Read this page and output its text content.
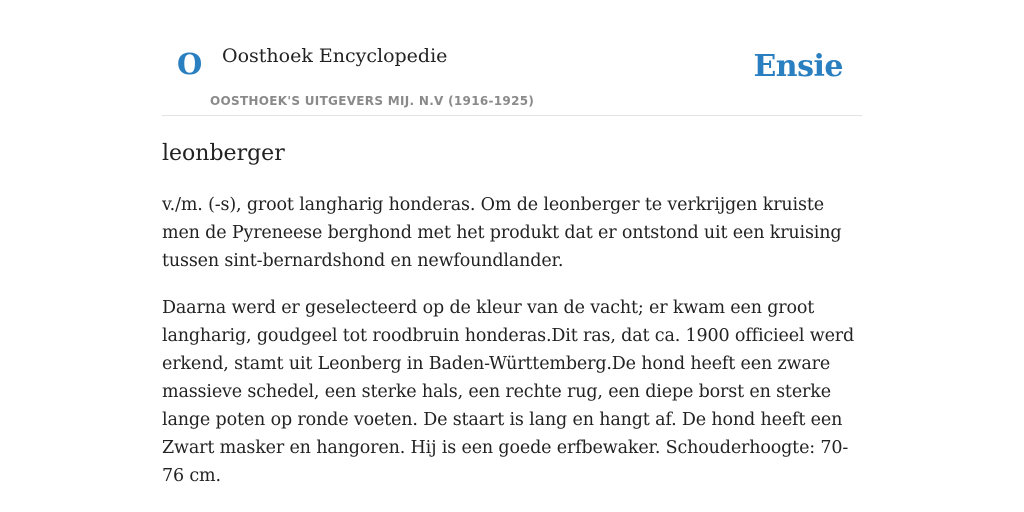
O Oosthoek Encyclopedie
OOSTHOEK'S UITGEVERS MIJ. N.V (1916-1925)
Ensie
leonberger

v./m. (-s), groot langharig honderas. Om de leonberger te verkrijgen kruiste men de Pyreneese berghond met het produkt dat er ontstond uit een kruising tussen sint-bernardshond en newfoundlander.

Daarna werd er geselecteerd op de kleur van de vacht; er kwam een groot langharig, goudgeel tot roodbruin honderas.Dit ras, dat ca. 1900 officieel werd erkend, stamt uit Leonberg in Baden-Württemberg.De hond heeft een zware massieve schedel, een sterke hals, een rechte rug, een diepe borst en sterke lange poten op ronde voeten. De staart is lang en hangt af. De hond heeft een Zwart masker en hangoren. Hij is een goede erfbewaker. Schouderhoogte: 70-76 cm.
